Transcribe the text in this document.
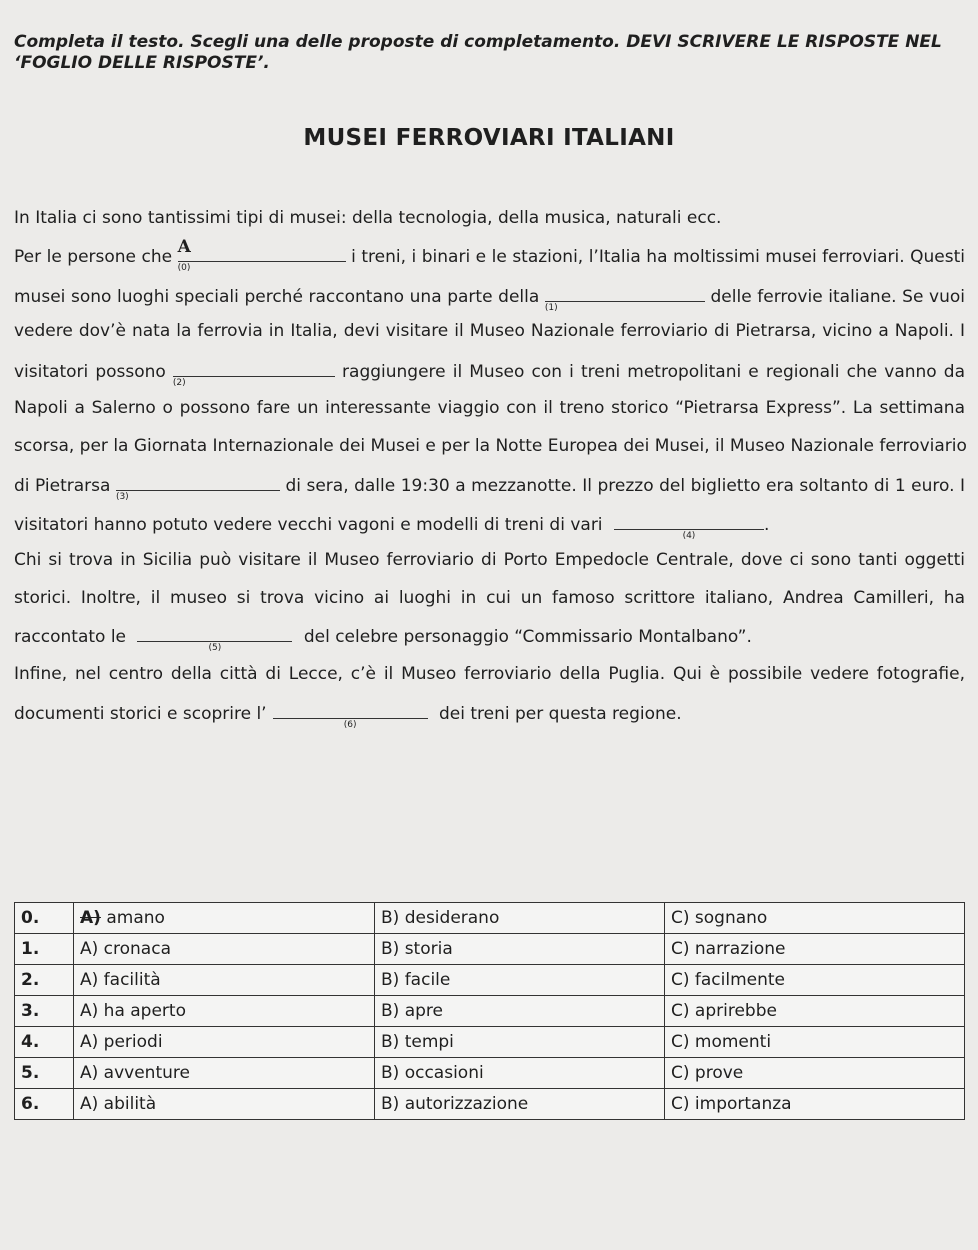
Completa il testo. Scegli una delle proposte di completamento. DEVI SCRIVERE LE RISPOSTE NEL ‘FOGLIO DELLE RISPOSTE’.
MUSEI FERROVIARI ITALIANI
In Italia ci sono tantissimi tipi di musei: della tecnologia, della musica, naturali ecc.
Per le persone che A
(0)
i treni, i binari e le stazioni, l’Italia ha moltissimi musei ferroviari. Questi
musei sono luoghi speciali perché raccontano una parte della
(1)
delle ferrovie italiane. Se vuoi
vedere dov’è nata la ferrovia in Italia, devi visitare il Museo Nazionale ferroviario di Pietrarsa, vicino a Napoli. I
visitatori possono
(2)
raggiungere il Museo con i treni metropolitani e regionali che vanno da
Napoli a Salerno o possono fare un interessante viaggio con il treno storico “Pietrarsa Express”. La settimana
scorsa, per la Giornata Internazionale dei Musei e per la Notte Europea dei Musei, il Museo Nazionale ferroviario
di Pietrarsa
(3)
di sera, dalle 19:30 a mezzanotte. Il prezzo del biglietto era soltanto di 1 euro. I
visitatori hanno potuto vedere vecchi vagoni e modelli di treni di vari
(4)
.
Chi si trova in Sicilia può visitare il Museo ferroviario di Porto Empedocle Centrale, dove ci sono tanti oggetti
storici. Inoltre, il museo si trova vicino ai luoghi in cui un famoso scrittore italiano, Andrea Camilleri, ha
raccontato le
(5)
del celebre personaggio “Commissario Montalbano”.
Infine, nel centro della città di Lecce, c’è il Museo ferroviario della Puglia. Qui è possibile vedere fotografie,
documenti storici e scoprire l’
(6)
dei treni per questa regione.
0.	A) amano	B) desiderano	C) sognano
1.	A) cronaca	B) storia	C) narrazione
2.	A) facilità	B) facile	C) facilmente
3.	A) ha aperto	B) apre	C) aprirebbe
4.	A) periodi	B) tempi	C) momenti
5.	A) avventure	B) occasioni	C) prove
6.	A) abilità	B) autorizzazione	C) importanza
